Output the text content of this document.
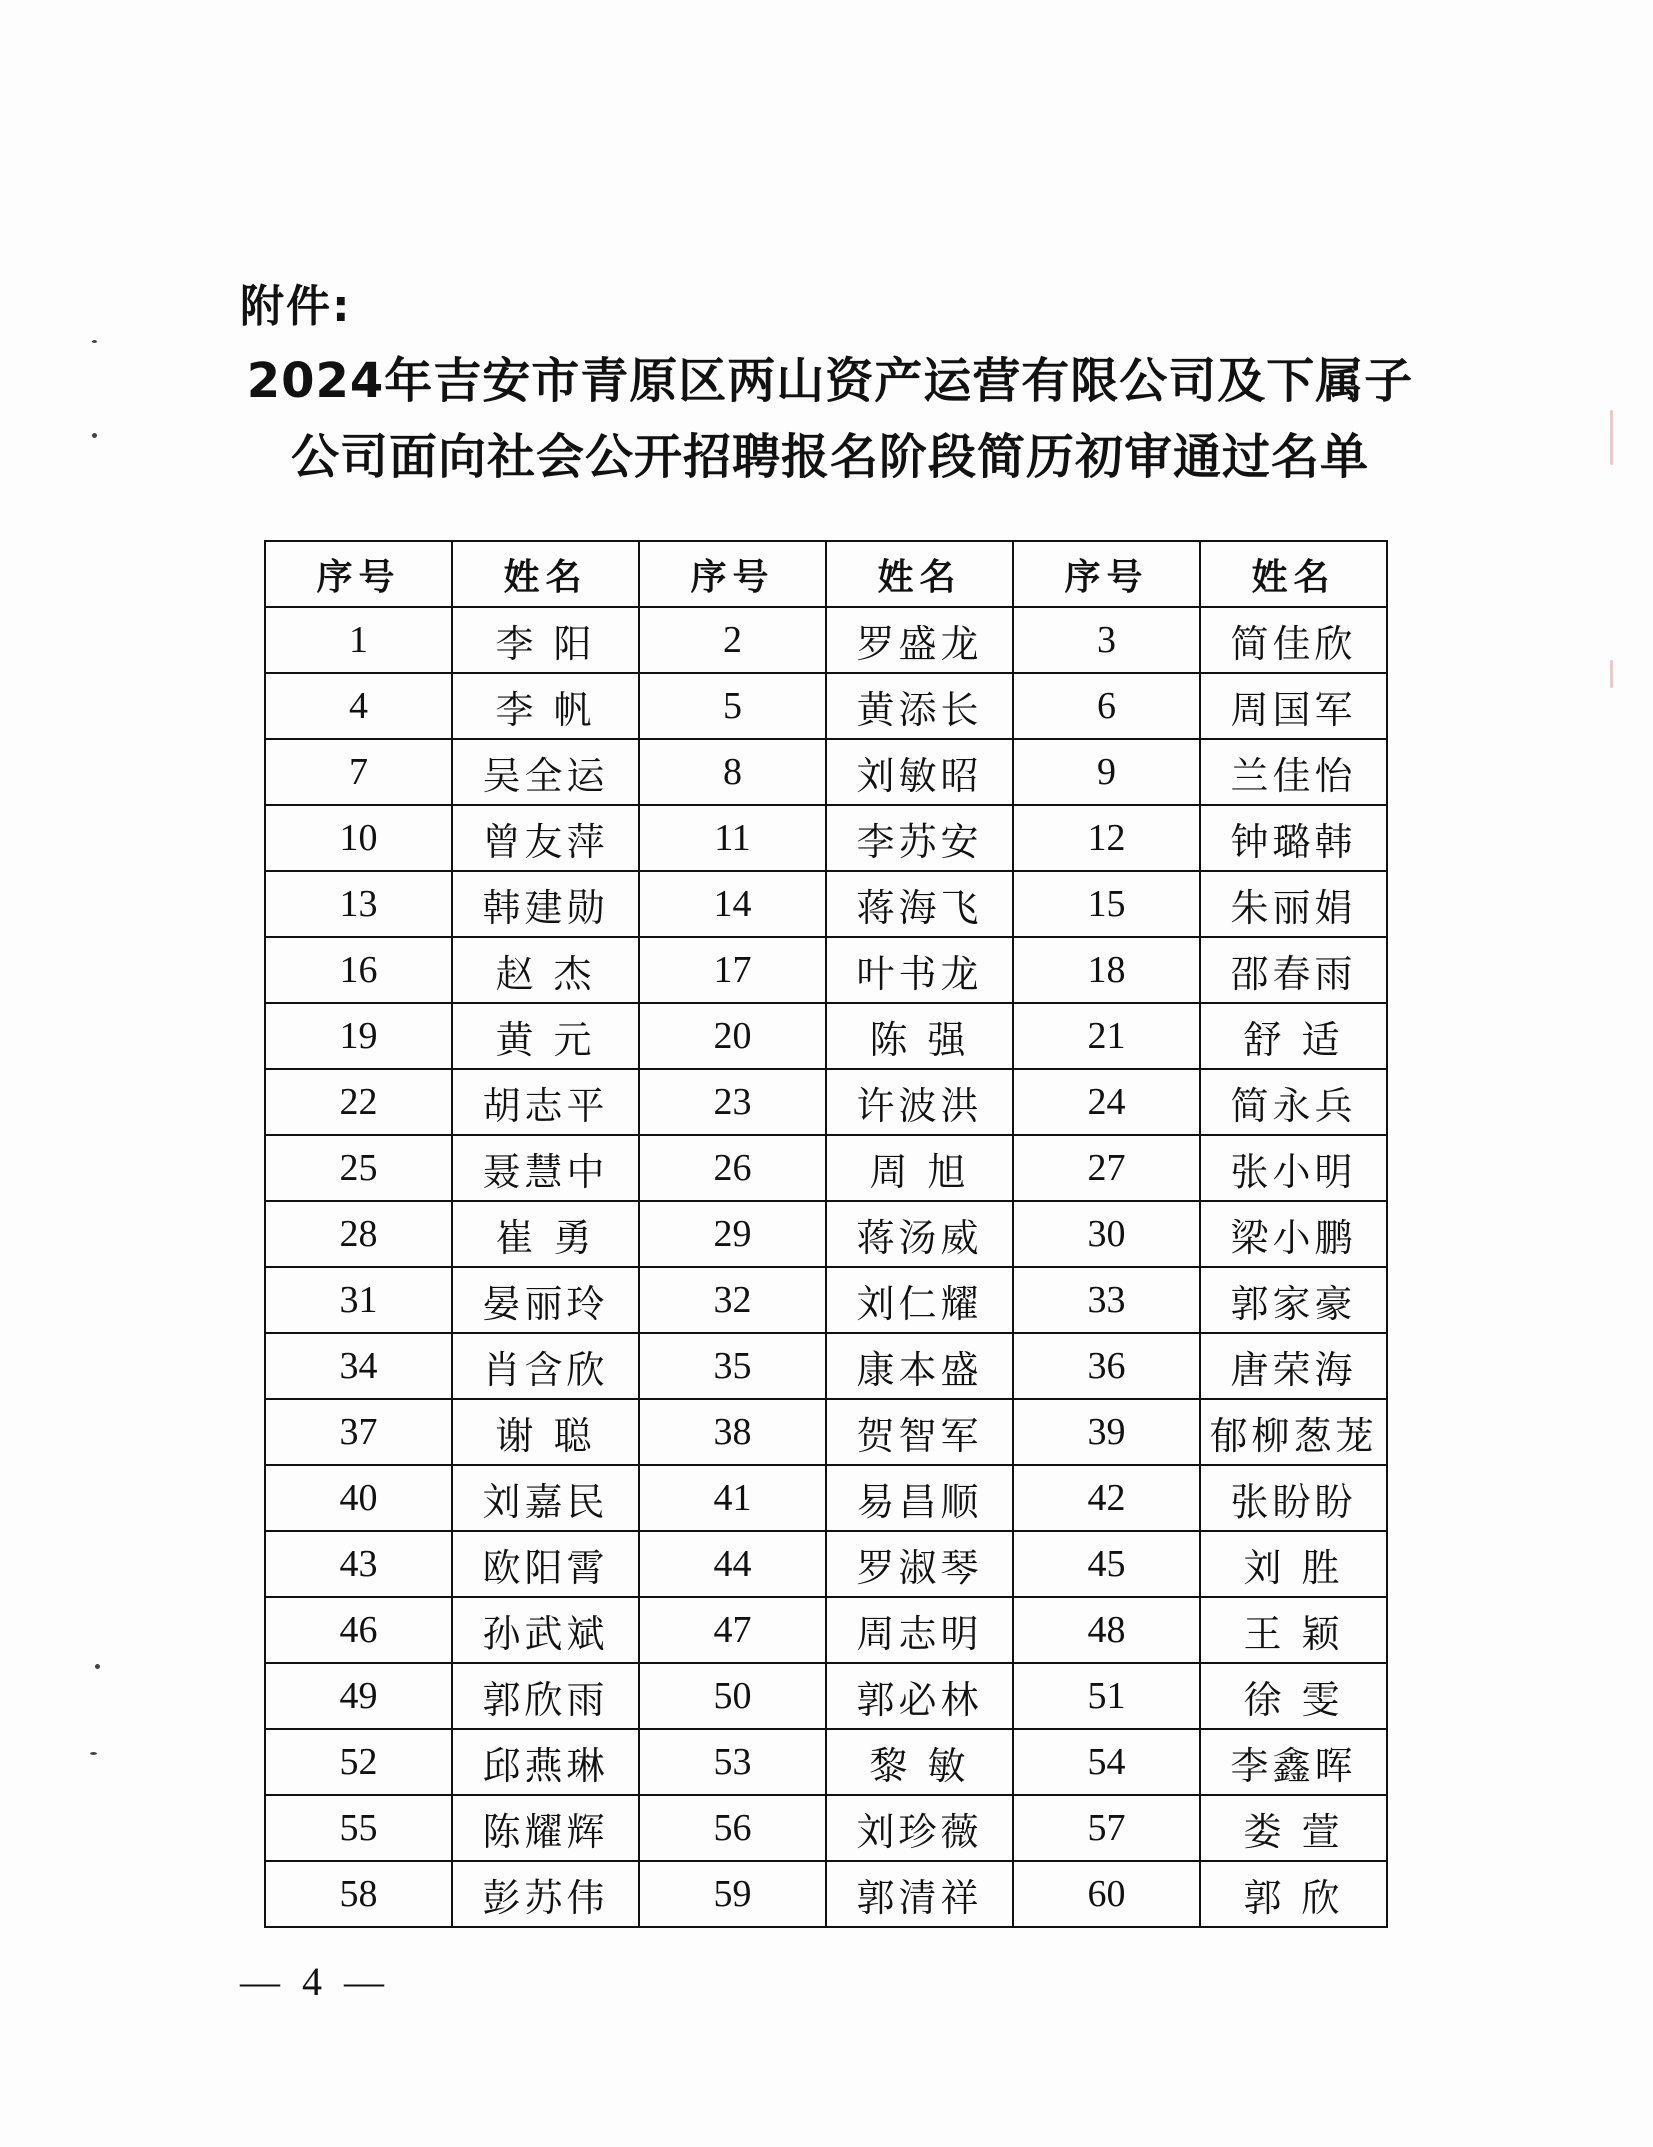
附件:
2024年吉安市青原区两山资产运营有限公司及下属子
公司面向社会公开招聘报名阶段简历初审通过名单
序号	姓名	序号	姓名	序号	姓名
1	李 阳	2	罗盛龙	3	简佳欣
4	李 帆	5	黄添长	6	周国军
7	吴全运	8	刘敏昭	9	兰佳怡
10	曾友萍	11	李苏安	12	钟璐韩
13	韩建勋	14	蒋海飞	15	朱丽娟
16	赵 杰	17	叶书龙	18	邵春雨
19	黄 元	20	陈 强	21	舒 适
22	胡志平	23	许波洪	24	简永兵
25	聂慧中	26	周 旭	27	张小明
28	崔 勇	29	蒋汤威	30	梁小鹏
31	晏丽玲	32	刘仁耀	33	郭家豪
34	肖含欣	35	康本盛	36	唐荣海
37	谢 聪	38	贺智军	39	郁柳葱茏
40	刘嘉民	41	易昌顺	42	张盼盼
43	欧阳霄	44	罗淑琴	45	刘 胜
46	孙武斌	47	周志明	48	王 颖
49	郭欣雨	50	郭必林	51	徐 雯
52	邱燕琳	53	黎 敏	54	李鑫晖
55	陈耀辉	56	刘珍薇	57	娄 萱
58	彭苏伟	59	郭清祥	60	郭 欣
— 4 —
